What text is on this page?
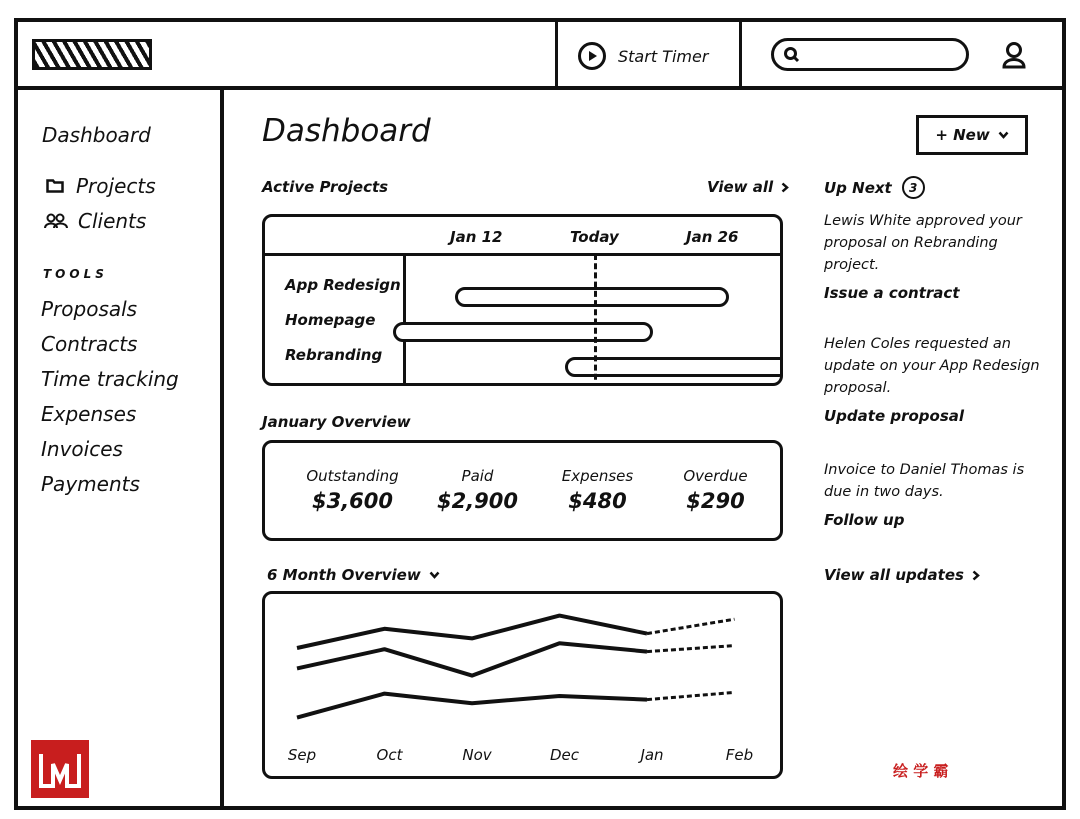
Start Timer
Dashboard
Projects
Clients
TOOLS
Proposals
Contracts
Time tracking
Expenses
Invoices
Payments
Dashboard	+ New
Active Projects	View all
Jan 12	Today	Jan 26
App Redesign
Homepage
Rebranding
January Overview
Outstanding
$3,600
Paid
$2,900
Expenses
$480
Overdue
$290
6 Month Overview
Sep	Oct	Nov	Dec	Jan	Feb
Up Next	3
Lewis White approved your proposal on Rebranding project.
Issue a contract
Helen Coles requested an update on your App Redesign proposal.
Update proposal
Invoice to Daniel Thomas is due in two days.
Follow up
View all updates
绘 学 霸
